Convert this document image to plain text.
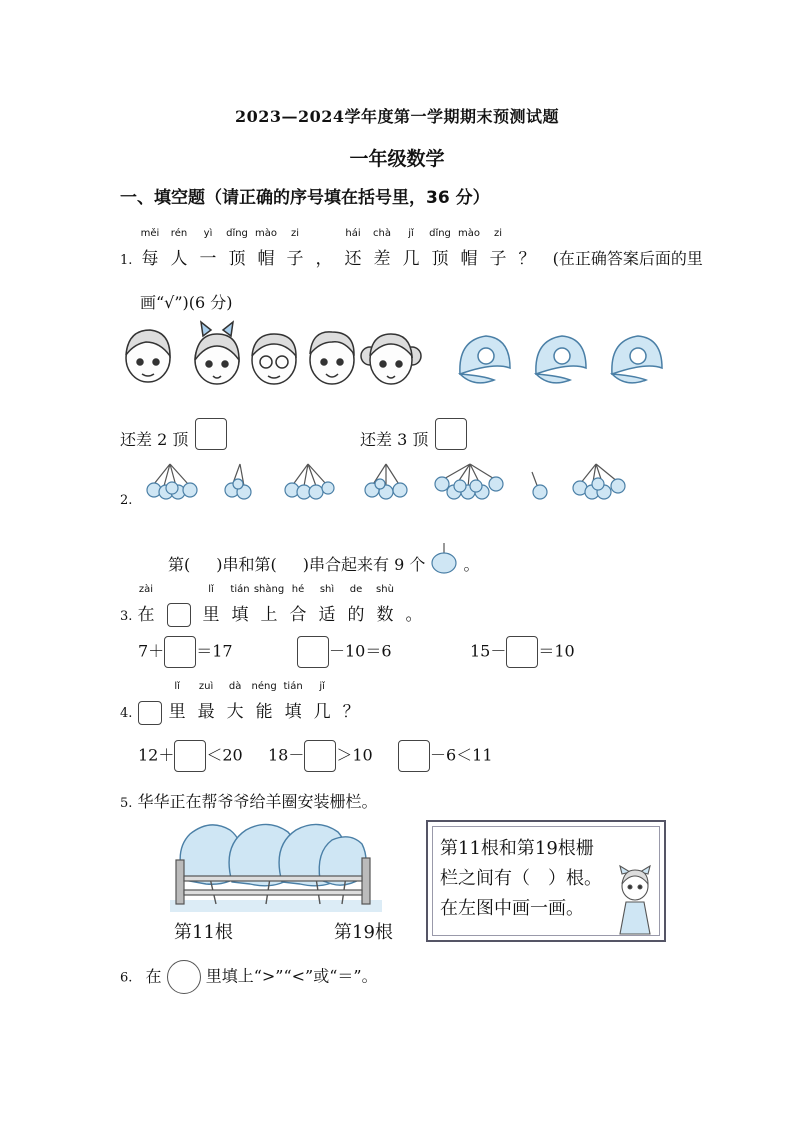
2023—2024学年度第一学期期末预测试题
一年级数学
一、填空题（请正确的序号填在括号里，36 分）
1. 每
měi
人
rén
一
yì
顶
dǐng
帽
mào
子
zi
， 还
hái
差
chà
几
jǐ
顶
dǐng
帽
mào
子
zi
？ (在正确答案后面的里
画“√”)(6 分)
还差 2 顶	还差 3 顶
2.
第( )串和第( )串合起来有 9 个 。
3. 在
zài
里
lǐ
填
tián
上
shàng
合
hé
适
shì
的
de
数
shù
。
7＋ ＝17	－10＝6	15－ ＝10
4. 里
lǐ
最
zuì
大
dà
能
néng
填
tián
几
jǐ
？
12＋ ＜20 18－ ＞10	－6＜11
5. 华华正在帮爷爷给羊圈安装栅栏。
第11根	第19根
第11根和第19根栅
栏之间有（　）根。
在左图中画一画。
6. 在	里填上“>”“<”或“＝”。
